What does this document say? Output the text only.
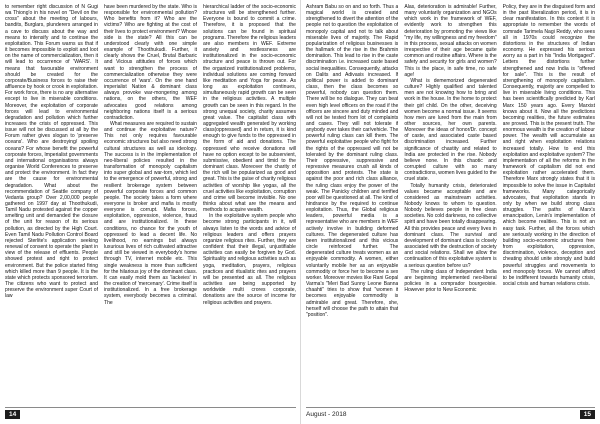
to remember right discussion of N Gugi wa Thiong'o in his novel on "Devil on the cross" about the meeting of labours, bandits, Burglars, plunderers arranged in a cave to discuss about the way and means to intensify and to continue the exploitation. This Forum warns us that if it becomes impossible to exploit and loot on the name of commercialization, then it will lead to occurrence of 'WARS'. It means that favourable environment should be created for the corporate/Business forces to raise their affluence by hook or crook in exploitation. For work force, there is no any alternative except to live in miserable conditions. Moreover, the exploitation of corporate forces will lead to environmental degradation and pollution which further increases the crisis of oppressed. This issue will not be discussed at all by the Forum rather gives slogan to 'preserve oceans'. Who are destroying/ spoiling oceans? For whose benefit the powerful corporate forces, Imperialist governments and international organisations always organise World Conferences to preserve and protect the environment. In fact they are the cause for environmental degradation. What about the recommendation of Seattle company of Vedanta group? Over 2,00,000 people gathered on 1997 day at Thoothukudi, Tamil Nadu protested against the copper smelting unit and demanded the closure of the unit for reason of its serious pollution, as directed by the High Court. Even Tamil Nadu Pollution Control Board rejected Sterlite's application seeking renewal of consent to operate the plant in view of the release of effluents. People showed protest and right to protect environment. But the police started firing which killed more than 9 people. It is the state which protects sponsored terrorism. The citizens who want to protect and preserve the environment super Court of law

have been murdered by the state. Who is responsible for environmental pollution? Who benefits from it? Who are the victims? Who are fighting at the cost of their lives to protect environment? Whose side is the state? All this can be understood clearly with one simple example of Thoothukudi. Further, it clearly shows the Cruel, Brutal Barbaric and Vicious attitudes of forces which want to strengthen the process of commercialization otherwise they were occurrence of 'wars'. On the one hand imperialist Nation & dominant class always provoke war-mongering among nations, on the others, the WEF advocates good relations among neighboring nations itself is a serious contradiction.

What measures are required to sustain and continue the exploitative nature? This not only requires favourable economic structures but also need strong cultural structures as well as ideology. The success is in the implementation of neo-liberal policies resulted in the transformation of monopoly capitalism into super global and war-torn, which led to the emergence of powerful, strong and resilient brokerage system between powerful corporate forces and common people. The society takes a form where everyone is broker and mafia is mostly everyone is corrupt. Mafia forces, exploitation, oppression, violence, fraud and are institutionalized. In these conditions, no chance for the youth of oppressed to lead a decent life. No livelihood, no earnings but always luxurious lives of rich cultivated attractive and still be viewed in everybody's home through TV, internet mobile etc. This single weakness is more than sufficient for the hilarious joy of the dominant class. It can easily mold them as 'lackeies' in the creation of 'mercenary'. Crime itself is institutionalized. In a free brokerage system, everybody becomes a criminal. The

hierarchical ladder of the socio-economic structures will be strengthened further. Everyone is bound to commit a crime. Therefore, it is proposed that the solutions can be found in spiritual programs. Therefore the religious leaders are also members in WEF. Extreme anxiety and restlessness are institutionalized in the socio-economic structure and peace is thrown out. For the organized institutionalized problems, individual solutions are coming forward like meditation and Yoga for peace. As long as exploitation continues, simultaneously rapid growth can be seen in the religious activities. A multiple growth can be seen in this regard. In the strong unequal society, charity assumes great value. The capitalist class with aggregated wealth generated by working class(oppressed) and in return, it is kind enough to give funds to the oppressed in the form of aid and donations. The oppressed who receive donations will have no option except to be subservient, submissive, obedient and timid to the dominant class. Moreover the charity of the rich will be popularized as good and great. This is the guise of charity religious activities of worship like yogas, all the cruel activities like exploitation, corruption and crime will become invisible. No one thinks about what are the means and methods to acquire wealth.

In the exploitative system people who become strong participants in it, will always listen to the words and advice of religious leaders and offers prayers organize religious rites. Further, they are confident that their illegal, unjustifiable activities can easily be forgiven by God. Spirituality and religious activities such as yoga, meditation, prayers, religious practices and ritualistic rites and prayers will be presented as all. The religious activities are being supported by worldwide multi crores corporate, donations are the source of income for religious activities and prayers.

14

Ashram Babu so on and so forth. Thus a magical world is created and strengthened to divert the attention of the people not to question the exploitation of monopoly capital and not to talk about miserable lives of majority. The Rapid popularization of religious businesses is the hallmark of the rise in the Brahmin domination. This lead to rise in the caste discrimination i.e. increased caste based social inequalities. Consequently, attacks on Dalits and Adivasis increased. If political power is added to dominant class, then the class becomes so powerful, nobody can question them. There will be no dialogue. They can beat even high level officers on the road if the officers are sincere and duty minded and will not be tested from lot of complaints and cases. They will not tolerate if anybody over takes their car/vehicle. The powerful ruling class can kill them. The powerful exploitative people who fight for the rights of the oppressed will not be tolerated by the dominant ruling class. Their oppressive, suppressive and repressive measures crush all kinds of opposition and protests. The state is against the poor and rich class alliance, the ruling class enjoy the power of the weak. The Panicky children and terrified poor will be questioned at all. The kind of hindrance by the required to continue exploitation. Thus, the Global religious leaders, powerful media is a representative who are members in WEF actively involve in building deformed cultures. The degenerated culture has been institutionalized and this vicious circle reinforced further. The degenerated culture treats women as an enjoyable commodity. A women, either voluntarily mobile her as an enjoyable commodity or force her to become a sex worker. Moreover movies like Rani Gopal Varma's "Meri Bad Sunny Leone Banna chaahti" tries to show that "women it becomes enjoyable commodity is admirable and great. Therefore, she, herself will choose the path to attain that "position".

Alas, deterioration is admirable! Further, many voluntarily organization and NGOs which work in the framework of WEF, evidently work to strengthen this deterioration by promoting the views like "my life, my willingness and my freedom" in this process, sexual attacks on women irrespective of their age became quite common and routine affairs. Where is the safety and security for girls and women? This is the place, in safe time, no safe age!

What is dememorized degenerated culture? Highly qualified and talented men are not knowing how to bring and work in the house. In the home to protect their girl child. On the other, deceiving women become a normal issue. It seems how men are lured from the main from other sources, her own parents. Moreover the ideas of honor/Dr. concept of caste, and associated caste based discrimination increased. Further significance of chastity and related to India are protected in the rise. Nobody believe none. In this chaotic and corrupted culture with so many contradictions, women lives guided to the cruel state.

Totally humanity crisis, deteriorated values became acceptable and are considered as mainstream activities. Nobody knows to whom to question. Nobody believes people in free clean societies. No cold darkness, no collective spirit and have been totally disappearing. All this provides peace and every lives in dominant class. The survival and development of dominant class is closely associated with the destruction of society and social relations. Shall we allow the continuation of this exploitative system is a serious question before us?

The ruling class of Independent India are beginning implemented neo-liberal policies in a comprador bourgeoisie. However prior to New Economic

Policy, they are in the disguised form and in the past liberalization period, it is in clear manifestation. In this context it is appropriate to remember the words of comrade Tarimela Nagi Reddy, who sees all in 1970s could recognize the distortions in the structures of Indian economy. He expressed his serious worry as a part in his "India Mortgaged". Letters the distortions further strengthened and now India is "offered for sale". This is the result of strengthening of monopoly capitalism. Consequently, majority are compelled to live in miserable living conditions. This has been scientifically predicted by Karl Marx 150 years ago. Every Marxist knows about it. Now all the predictions becoming realities, the future estimates are proved. This is the present truth. The enormous wealth is the creation of labour power. The wealth will accumulate as and right when exploitation relations increased totally. How to end this exploitation and exploitative system? The implementation of all the reforms in the framework of capitalism did not end exploitation rather accelerated them. Therefore Marx strongly states that it is impossible to solve the issue in Capitalist frameworks. Many categorically advocates, that exploitation stands in only by when we build strong class struggles. The paths of Marx's emancipation, Lenin's implementation of which become realities. This is not an easy task. Further, all the forces which are seriously working in the direction of building socio-economic structures free from exploitation, oppression, discrimination, violence, deception and cheating should unite strongly and build powerful struggles and movements to end monopoly forces. We cannot afford to be indifferent towards humanity crisis, social crisis and human relations crisis.

August - 2018	15
